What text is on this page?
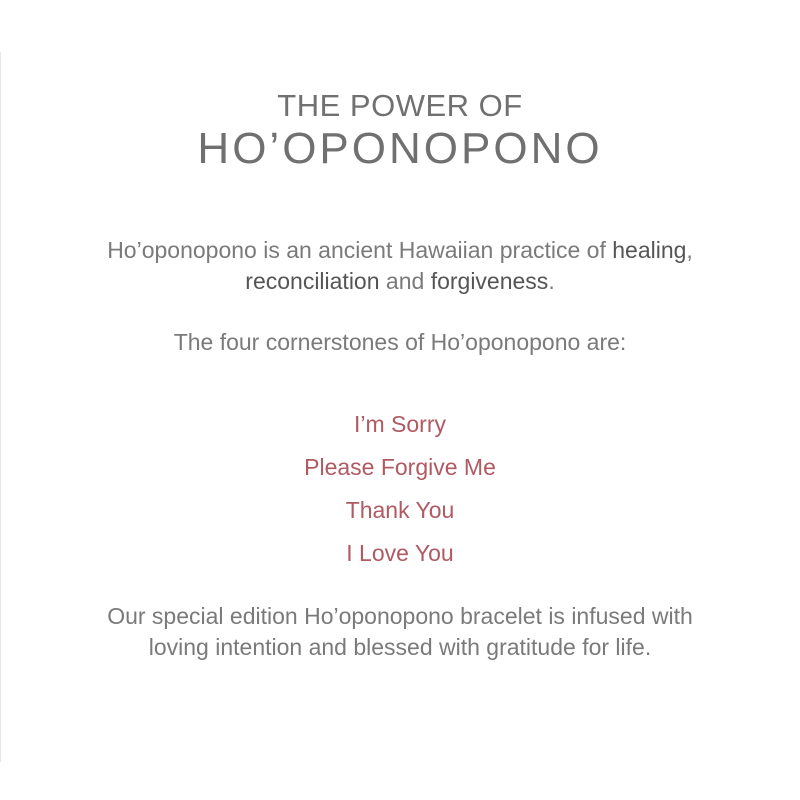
THE POWER OF
HO’OPONOPONO
Ho’oponopono is an ancient Hawaiian practice of healing,
reconciliation and forgiveness.
The four cornerstones of Ho’oponopono are:
I’m Sorry
Please Forgive Me
Thank You
I Love You
Our special edition Ho’oponopono bracelet is infused with
loving intention and blessed with gratitude for life.
